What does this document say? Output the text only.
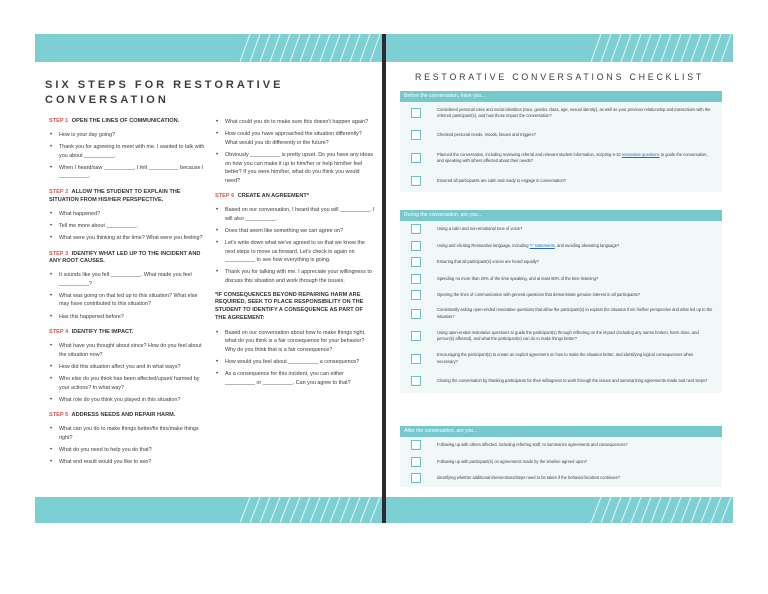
SIX STEPS FOR RESTORATIVE CONVERSATION
STEP 1 OPEN THE LINES OF COMMUNICATION.
• How is your day going?
• Thank you for agreeing to meet with me. I wanted to talk with you about __________.
• When I heard/saw __________, I felt __________ because I __________.
STEP 2 ALLOW THE STUDENT TO EXPLAIN THE SITUATION FROM HIS/HER PERSPECTIVE.
• What happened?
• Tell me more about __________.
• What were you thinking at the time? What were you feeling?
STEP 3 IDENTIFY WHAT LED UP TO THE INCIDENT AND ANY ROOT CAUSES.
• It sounds like you felt __________. What made you feel __________?
• What was going on that led up to this situation? What else may have contributed to this situation?
• Has this happened before?
STEP 4 IDENTIFY THE IMPACT.
• What have you thought about since? How do you feel about the situation now?
• How did this situation affect you and in what ways?
• Who else do you think has been affected/upset/ harmed by your actions? In what way?
• What role do you think you played in this situation?
STEP 5 ADDRESS NEEDS AND REPAIR HARM.
• What can you do to make things better/fix this/make things right?
• What do you need to help you do that?
• What end result would you like to see?
• What could you do to make sure this doesn't happen again?
• How could you have approached the situation differently? What would you do differently in the future?
• Obviously __________ is pretty upset. Do you have any ideas on how you can make it up to him/her or help him/her feel better? If you were him/her, what do you think you would need?
STEP 6 CREATE AN AGREEMENT*
• Based on our conversation, I heard that you will __________. I will also __________.
• Does that seem like something we can agree on?
• Let's write down what we've agreed to so that we know the next steps to move us forward. Let's check in again on __________ to see how everything is going.
• Thank you for talking with me. I appreciate your willingness to discuss this situation and work through the issues.
*IF CONSEQUENCES BEYOND REPAIRING HARM ARE REQUIRED, SEEK TO PLACE RESPONSIBILITY ON THE STUDENT TO IDENTIFY A CONSEQUENCE AS PART OF THE AGREEMENT:
• Based on our conversation about how to make things right, what do you think is a fair consequence for your behavior? Why do you think that is a fair consequence?
• How would you feel about __________ a consequence?
• As a consequence for this incident, you can either __________ or __________. Can you agree to that?
RESTORATIVE CONVERSATIONS CHECKLIST
Before the conversation, have you…
Considered personal roles and social identities (race, gender, class, age, sexual identity), as well as your previous relationship and interactions with the referred participant(s), and how those impact the conversation?
Checked personal needs, moods, biases and triggers?
Planned the conversation, including reviewing referral and relevant student information, scripting 6-10 restorative questions to guide the conversation, and speaking with others affected about their needs?
Ensured all participants are calm and ready to engage in conversation?
During the conversation, are you…
Using a calm and non-emotional tone of voice?
Using and eliciting Restorative language, including "I" statements, and avoiding alienating language?
Ensuring that all participant(s) voices are heard equally?
Spending no more than 20% of the time speaking, and at least 80% of the time listening?
Opening the lines of communication with general questions that demonstrate genuine interest in all participants?
Consistently asking open-ended restorative questions that allow the participant(s) to explain the situation from his/her perspective and what led up to the situation?
Using open-ended restorative questions to guide the participant(s) through reflecting on the impact (including any narms broken, harm done, and person(s) affected), and what the participant(s) can do to make things better?
Encouraging the participant(s) to create an explicit agreement on how to make the situation better, and identifying logical consequences when necessary?
Closing the conversation by thanking participants for their willingness to work through the issues and summarizing agreements made and next steps?
After the conversation, are you…
Following up with others affected, including referring staff, to summarize agreements and consequences?
Following up with participant(s) on agreements made by the timeline agreed upon?
Identifying whether additional interventions/steps need to be taken if the behavior/incident continues?
